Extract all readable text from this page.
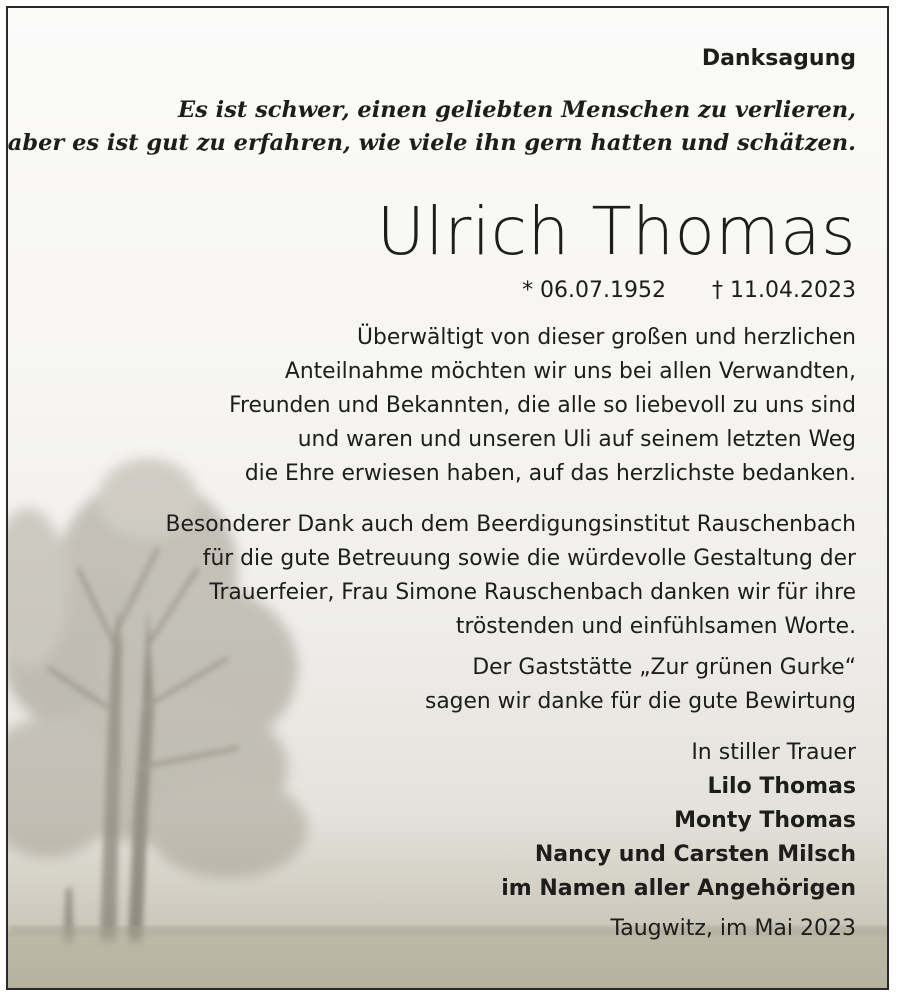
Danksagung
Es ist schwer, einen geliebten Menschen zu verlieren,
aber es ist gut zu erfahren, wie viele ihn gern hatten und schätzen.
Ulrich Thomas
* 06.07.1952 † 11.04.2023
Überwältigt von dieser großen und herzlichen
Anteilnahme möchten wir uns bei allen Verwandten,
Freunden und Bekannten, die alle so liebevoll zu uns sind
und waren und unseren Uli auf seinem letzten Weg
die Ehre erwiesen haben, auf das herzlichste bedanken.
Besonderer Dank auch dem Beerdigungsinstitut Rauschenbach
für die gute Betreuung sowie die würdevolle Gestaltung der
Trauerfeier, Frau Simone Rauschenbach danken wir für ihre
tröstenden und einfühlsamen Worte.
Der Gaststätte „Zur grünen Gurke“
sagen wir danke für die gute Bewirtung
In stiller Trauer
Lilo Thomas
Monty Thomas
Nancy und Carsten Milsch
im Namen aller Angehörigen
Taugwitz, im Mai 2023
